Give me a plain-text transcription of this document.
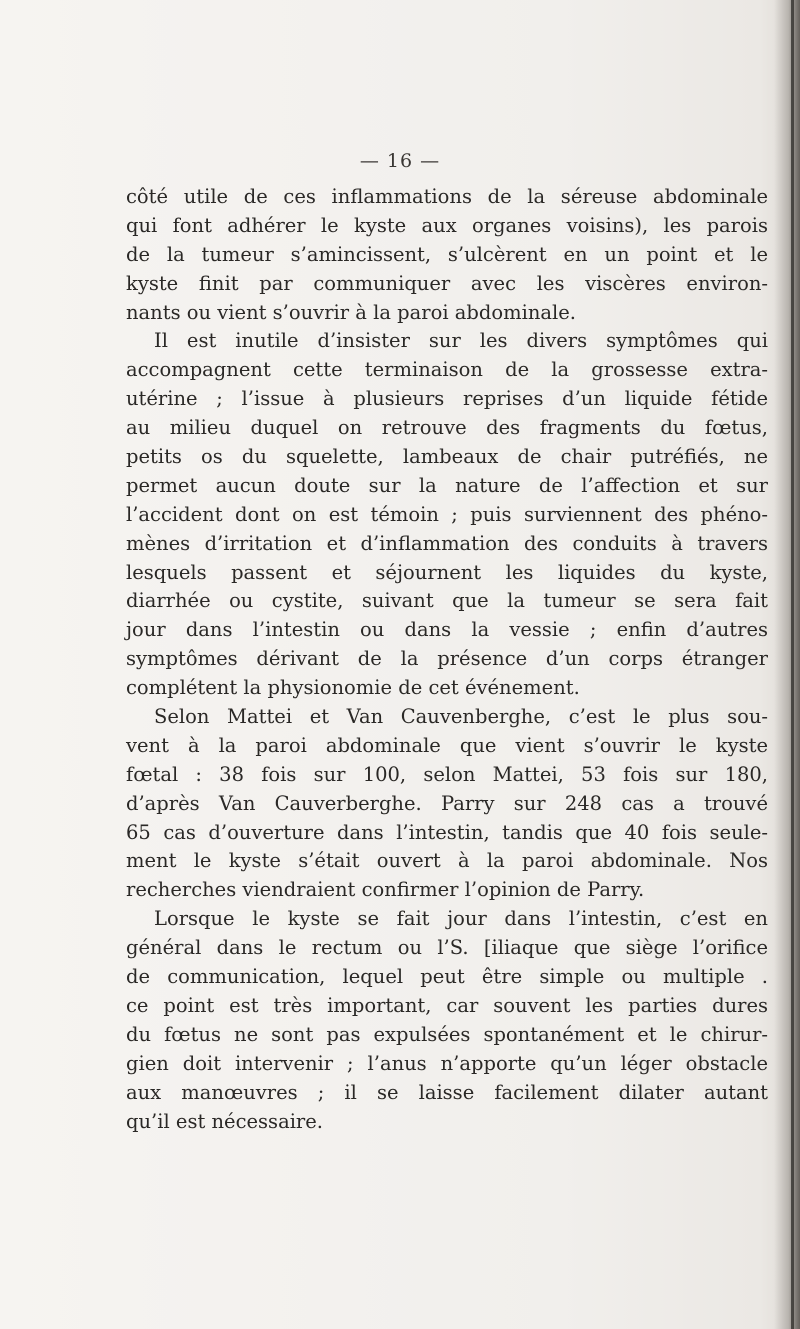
— 16 —
côté utile de ces inflammations de la séreuse abdominale
qui font adhérer le kyste aux organes voisins), les parois
de la tumeur s’amincissent, s’ulcèrent en un point et le
kyste finit par communiquer avec les viscères environ-
nants ou vient s’ouvrir à la paroi abdominale.
Il est inutile d’insister sur les divers symptômes qui
accompagnent cette terminaison de la grossesse extra-
utérine ; l’issue à plusieurs reprises d’un liquide fétide
au milieu duquel on retrouve des fragments du fœtus,
petits os du squelette, lambeaux de chair putréfiés, ne
permet aucun doute sur la nature de l’affection et sur
l’accident dont on est témoin ; puis surviennent des phéno-
mènes d’irritation et d’inflammation des conduits à travers
lesquels passent et séjournent les liquides du kyste,
diarrhée ou cystite, suivant que la tumeur se sera fait
jour dans l’intestin ou dans la vessie ; enfin d’autres
symptômes dérivant de la présence d’un corps étranger
complétent la physionomie de cet événement.
Selon Mattei et Van Cauvenberghe, c’est le plus sou-
vent à la paroi abdominale que vient s’ouvrir le kyste
fœtal : 38 fois sur 100, selon Mattei, 53 fois sur 180,
d’après Van Cauverberghe. Parry sur 248 cas a trouvé
65 cas d’ouverture dans l’intestin, tandis que 40 fois seule-
ment le kyste s’était ouvert à la paroi abdominale. Nos
recherches viendraient confirmer l’opinion de Parry.
Lorsque le kyste se fait jour dans l’intestin, c’est en
général dans le rectum ou l’S. [iliaque que siège l’orifice
de communication, lequel peut être simple ou multiple .
ce point est très important, car souvent les parties dures
du fœtus ne sont pas expulsées spontanément et le chirur-
gien doit intervenir ; l’anus n’apporte qu’un léger obstacle
aux manœuvres ; il se laisse facilement dilater autant
qu’il est nécessaire.
